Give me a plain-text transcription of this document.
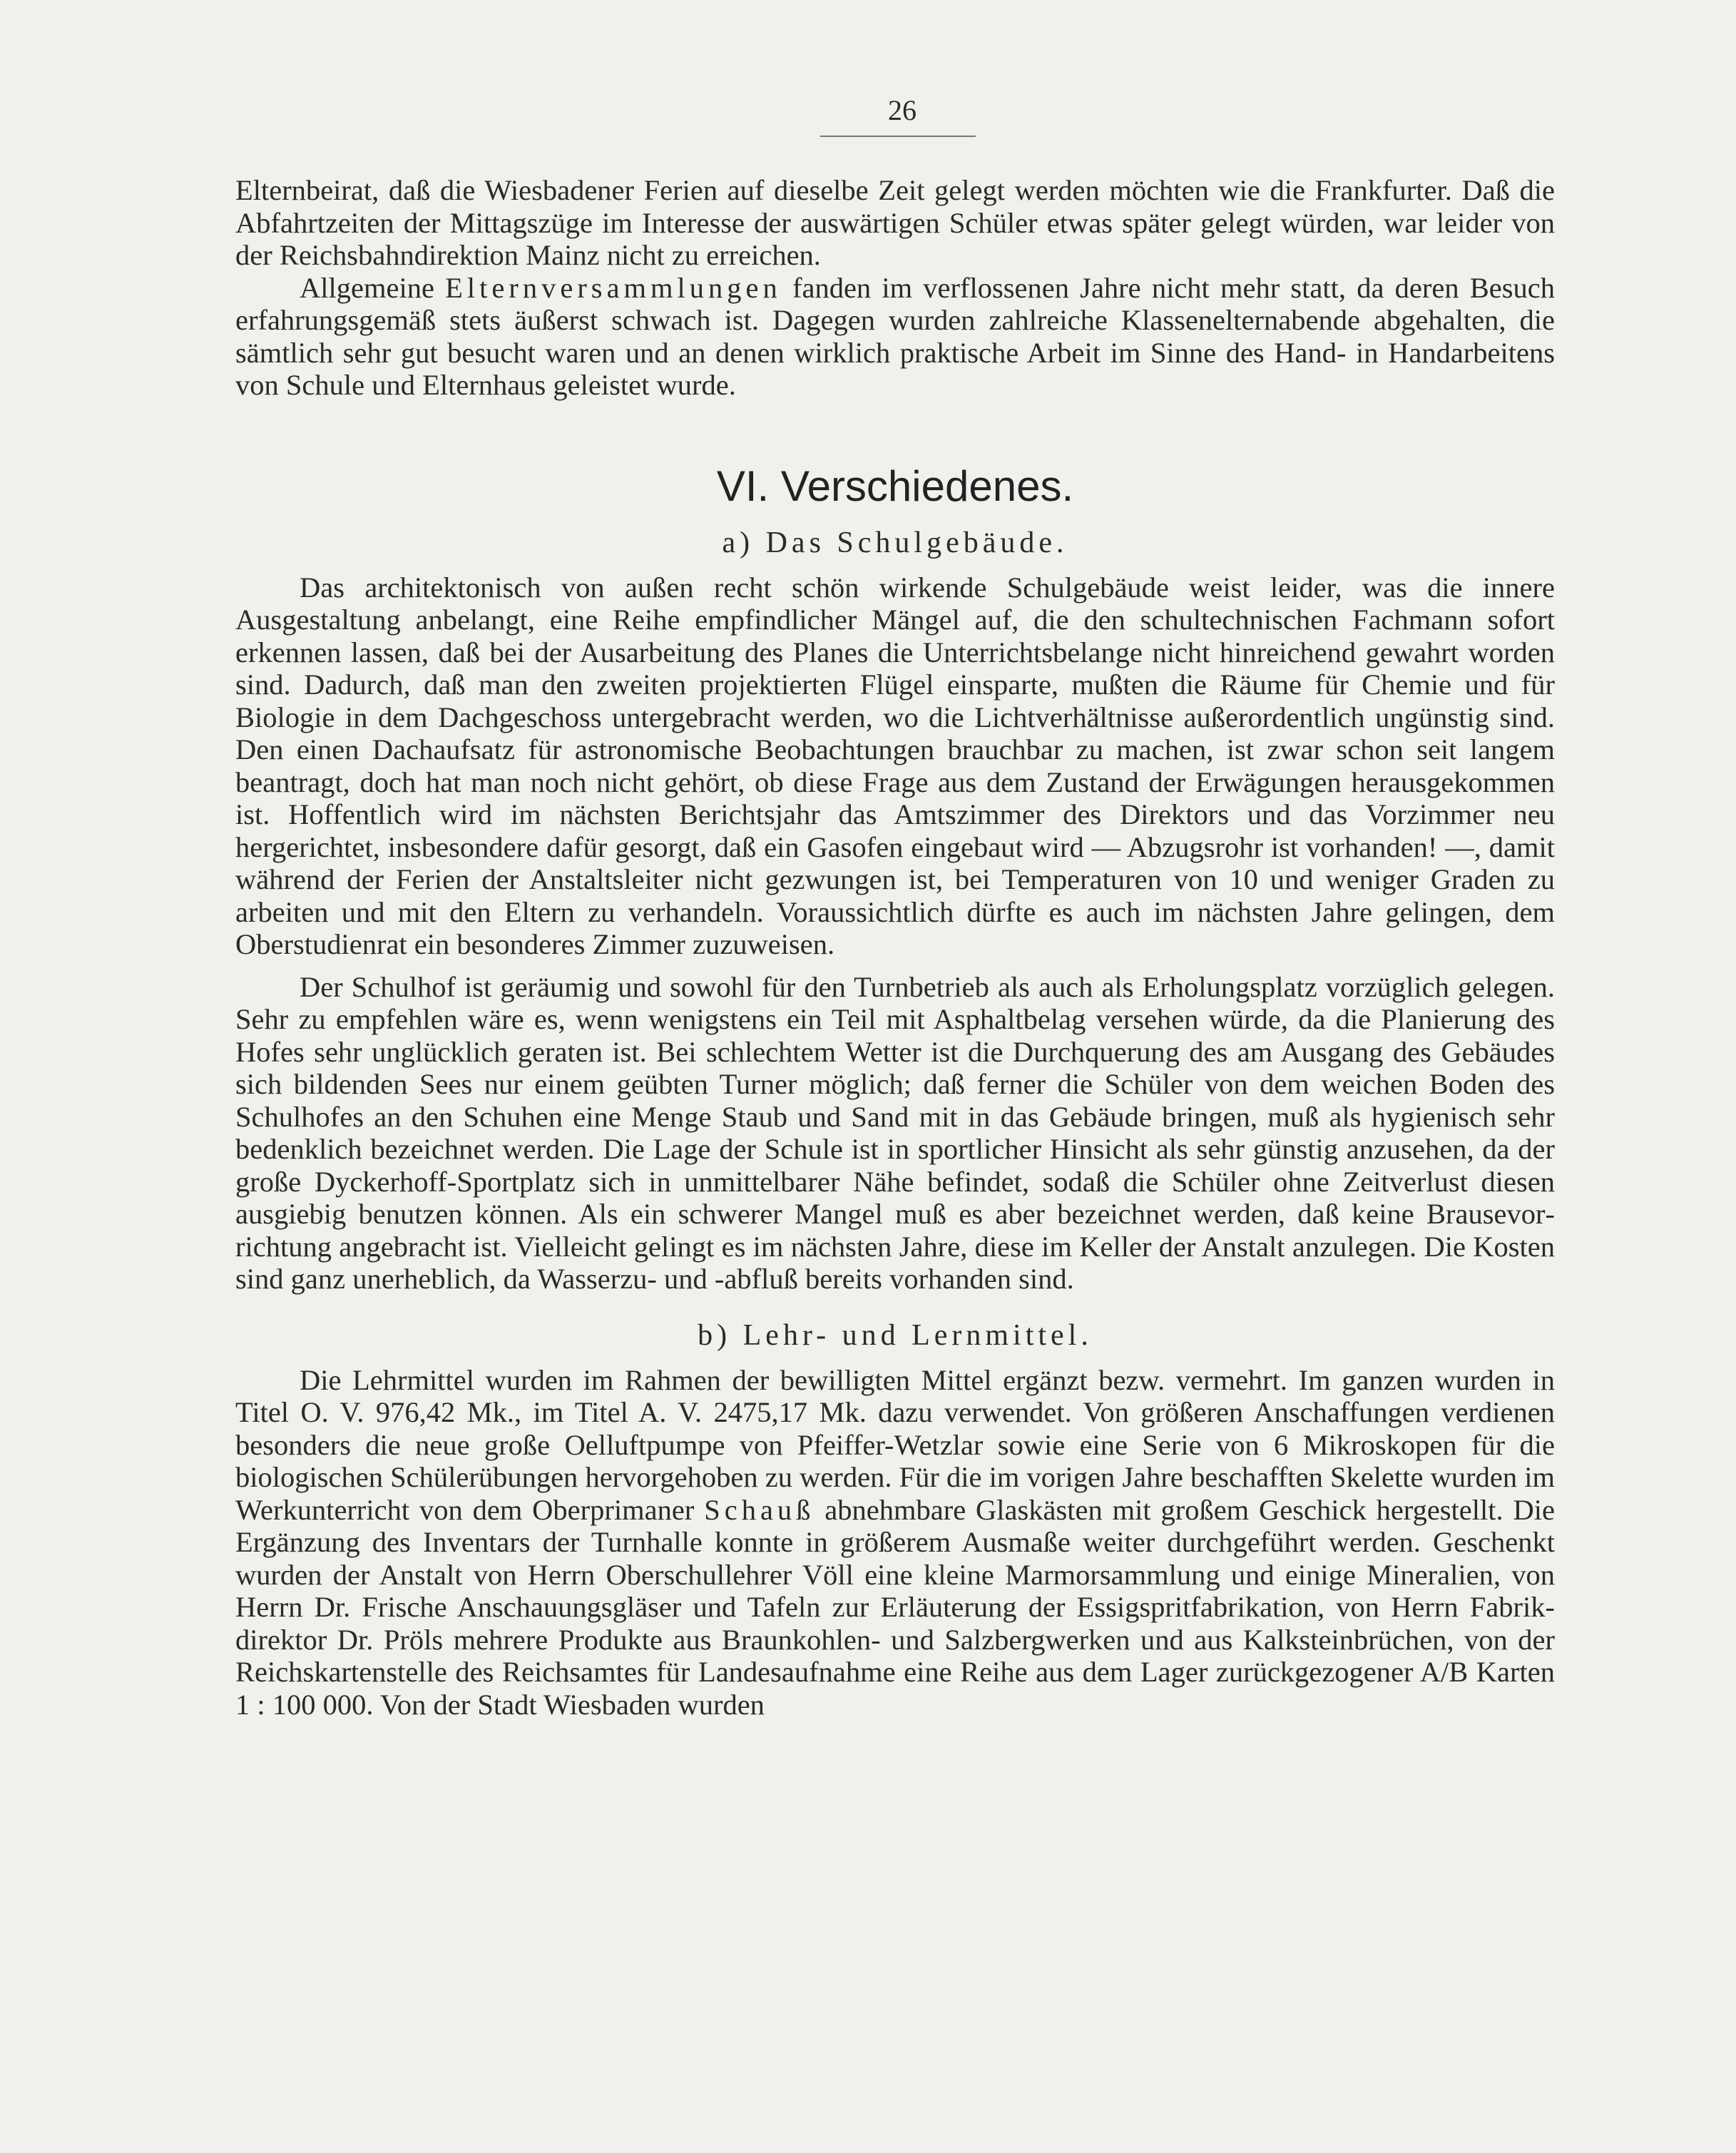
26

Elternbeirat, daß die Wiesbadener Ferien auf dieselbe Zeit gelegt werden möchten wie die Frankfurter. Daß die Abfahrtzeiten der Mittagszüge im Interesse der auswärtigen Schüler etwas später gelegt würden, war leider von der Reichsbahndirektion Mainz nicht zu erreichen.

Allgemeine Elternversammlungen fanden im verflossenen Jahre nicht mehr statt, da deren Besuch erfahrungsgemäß stets äußerst schwach ist. Dagegen wurden zahlreiche Klassenelternabende abgehalten, die sämtlich sehr gut besucht waren und an denen wirklich praktische Arbeit im Sinne des Hand- in Handarbeitens von Schule und Elternhaus geleistet wurde.

VI. Verschiedenes.
a) Das Schulgebäude.

Das architektonisch von außen recht schön wirkende Schulgebäude weist leider, was die innere Ausgestaltung anbelangt, eine Reihe empfindlicher Mängel auf, die den schultechnischen Fachmann sofort erkennen lassen, daß bei der Ausarbeitung des Planes die Unterrichtsbelange nicht hinreichend gewahrt worden sind. Dadurch, daß man den zweiten projektierten Flügel einsparte, mußten die Räume für Chemie und für Biologie in dem Dachgeschoss untergebracht werden, wo die Lichtverhältnisse außerordentlich ungünstig sind. Den einen Dachaufsatz für astronomische Beobachtungen brauchbar zu machen, ist zwar schon seit langem beantragt, doch hat man noch nicht gehört, ob diese Frage aus dem Zustand der Erwägungen herausgekommen ist. Hoffentlich wird im nächsten Berichtsjahr das Amtszimmer des Direktors und das Vorzimmer neu hergerichtet, insbesondere dafür gesorgt, daß ein Gasofen eingebaut wird — Abzugsrohr ist vorhanden! —, damit während der Ferien der Anstaltsleiter nicht gezwungen ist, bei Temperaturen von 10 und weniger Graden zu arbeiten und mit den Eltern zu verhandeln. Voraussichtlich dürfte es auch im nächsten Jahre gelingen, dem Oberstudienrat ein besonderes Zimmer zuzuweisen.

Der Schulhof ist geräumig und sowohl für den Turnbetrieb als auch als Erholungsplatz vorzüglich gelegen. Sehr zu empfehlen wäre es, wenn wenigstens ein Teil mit Asphaltbelag versehen würde, da die Planierung des Hofes sehr unglücklich geraten ist. Bei schlechtem Wetter ist die Durchquerung des am Ausgang des Gebäudes sich bildenden Sees nur einem geübten Turner möglich; daß ferner die Schüler von dem weichen Boden des Schulhofes an den Schuhen eine Menge Staub und Sand mit in das Gebäude bringen, muß als hygienisch sehr bedenklich bezeichnet werden. Die Lage der Schule ist in sportlicher Hinsicht als sehr günstig anzusehen, da der große Dyckerhoff-Sportplatz sich in unmittelbarer Nähe befindet, sodaß die Schüler ohne Zeitverlust diesen ausgiebig benutzen können. Als ein schwerer Mangel muß es aber bezeichnet werden, daß keine Brausevorrichtung angebracht ist. Vielleicht gelingt es im nächsten Jahre, diese im Keller der Anstalt anzulegen. Die Kosten sind ganz unerheblich, da Wasserzu- und -abfluß bereits vorhanden sind.

b) Lehr- und Lernmittel.

Die Lehrmittel wurden im Rahmen der bewilligten Mittel ergänzt bezw. vermehrt. Im ganzen wurden in Titel O. V. 976,42 Mk., im Titel A. V. 2475,17 Mk. dazu verwendet. Von größeren Anschaffungen verdienen besonders die neue große Oelluftpumpe von Pfeiffer-Wetzlar sowie eine Serie von 6 Mikroskopen für die biologischen Schülerübungen hervorgehoben zu werden. Für die im vorigen Jahre beschafften Skelette wurden im Werkunterricht von dem Oberprimaner Schauß abnehmbare Glaskästen mit großem Geschick hergestellt. Die Ergänzung des Inventars der Turnhalle konnte in größerem Ausmaße weiter durchgeführt werden. Geschenkt wurden der Anstalt von Herrn Oberschullehrer Völl eine kleine Marmorsammlung und einige Mineralien, von Herrn Dr. Frische Anschauungsgläser und Tafeln zur Erläuterung der Essigspritfabrikation, von Herrn Fabrikdirektor Dr. Pröls mehrere Produkte aus Braunkohlen- und Salzbergwerken und aus Kalksteinbrüchen, von der Reichskartenstelle des Reichsamtes für Landesaufnahme eine Reihe aus dem Lager zurückgezogener A/B Karten 1 : 100 000. Von der Stadt Wiesbaden wurden
